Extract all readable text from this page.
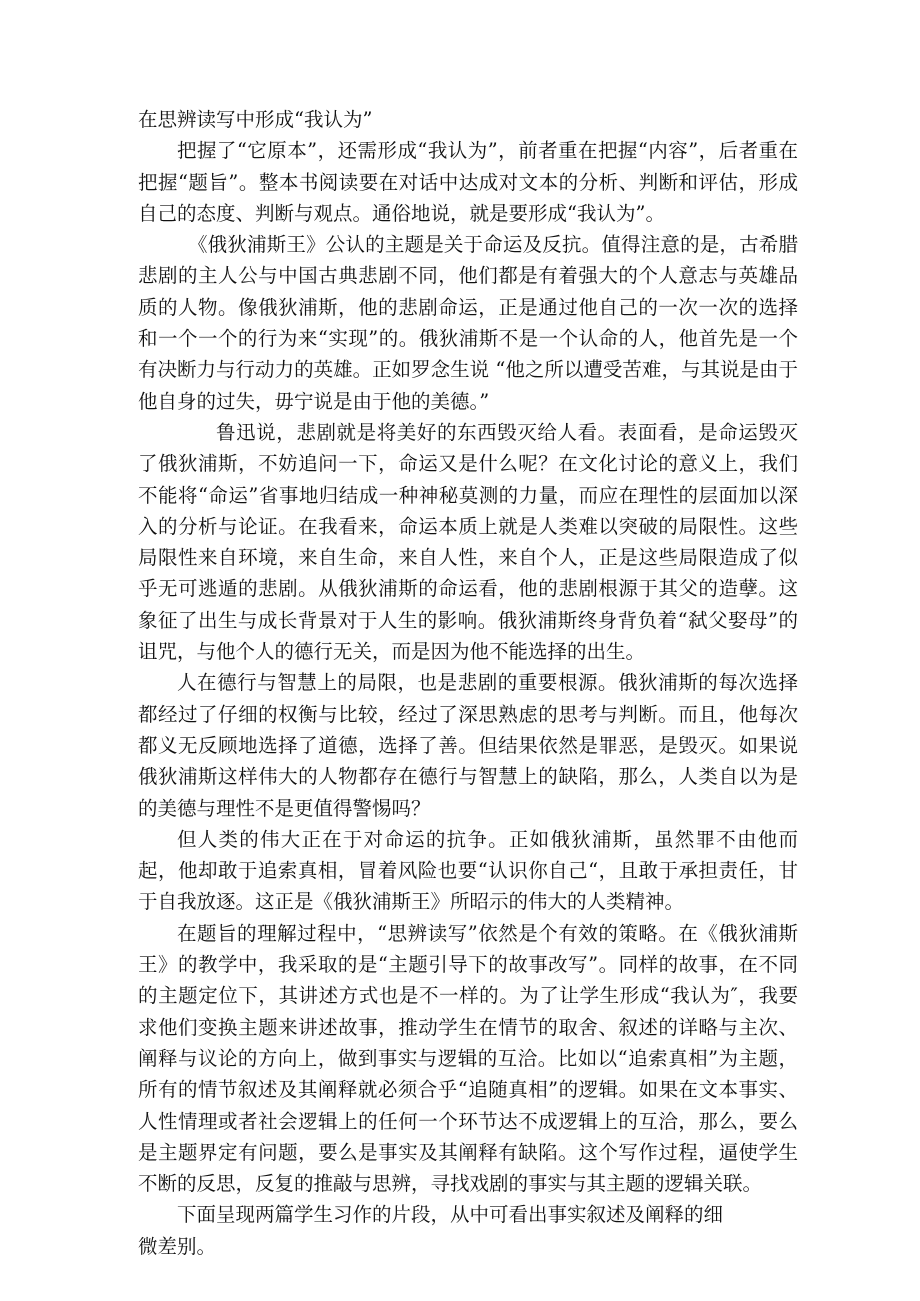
在思辨读写中形成“我认为”

把握了“它原本”，还需形成“我认为”，前者重在把握“内容”，后者重在把握“题旨”。整本书阅读要在对话中达成对文本的分析、判断和评估，形成自己的态度、判断与观点。通俗地说，就是要形成“我认为”。

《俄狄浦斯王》公认的主题是关于命运及反抗。值得注意的是，古希腊悲剧的主人公与中国古典悲剧不同，他们都是有着强大的个人意志与英雄品质的人物。像俄狄浦斯，他的悲剧命运，正是通过他自己的一次一次的选择和一个一个的行为来“实现”的。俄狄浦斯不是一个认命的人，他首先是一个有决断力与行动力的英雄。正如罗念生说 “他之所以遭受苦难，与其说是由于他自身的过失，毋宁说是由于他的美德。”

鲁迅说，悲剧就是将美好的东西毁灭给人看。表面看，是命运毁灭了俄狄浦斯，不妨追问一下，命运又是什么呢？在文化讨论的意义上，我们不能将“命运”省事地归结成一种神秘莫测的力量，而应在理性的层面加以深入的分析与论证。在我看来，命运本质上就是人类难以突破的局限性。这些局限性来自环境，来自生命，来自人性，来自个人，正是这些局限造成了似乎无可逃遁的悲剧。从俄狄浦斯的命运看，他的悲剧根源于其父的造孽。这象征了出生与成长背景对于人生的影响。俄狄浦斯终身背负着“弑父娶母”的诅咒，与他个人的德行无关，而是因为他不能选择的出生。

人在德行与智慧上的局限，也是悲剧的重要根源。俄狄浦斯的每次选择都经过了仔细的权衡与比较，经过了深思熟虑的思考与判断。而且，他每次都义无反顾地选择了道德，选择了善。但结果依然是罪恶，是毁灭。如果说俄狄浦斯这样伟大的人物都存在德行与智慧上的缺陷，那么，人类自以为是的美德与理性不是更值得警惕吗？

但人类的伟大正在于对命运的抗争。正如俄狄浦斯，虽然罪不由他而起，他却敢于追索真相，冒着风险也要“认识你自己“，且敢于承担责任，甘于自我放逐。这正是《俄狄浦斯王》所昭示的伟大的人类精神。

在题旨的理解过程中，“思辨读写”依然是个有效的策略。在《俄狄浦斯王》的教学中，我采取的是“主题引导下的故事改写”。同样的故事，在不同的主题定位下，其讲述方式也是不一样的。为了让学生形成“我认为″，我要求他们变换主题来讲述故事，推动学生在情节的取舍、叙述的详略与主次、阐释与议论的方向上，做到事实与逻辑的互洽。比如以“追索真相”为主题，所有的情节叙述及其阐释就必须合乎“追随真相”的逻辑。如果在文本事实、人性情理或者社会逻辑上的任何一个环节达不成逻辑上的互洽，那么，要么是主题界定有问题，要么是事实及其阐释有缺陷。这个写作过程，逼使学生不断的反思，反复的推敲与思辨，寻找戏剧的事实与其主题的逻辑关联。

下面呈现两篇学生习作的片段，从中可看出事实叙述及阐释的细微差别。
